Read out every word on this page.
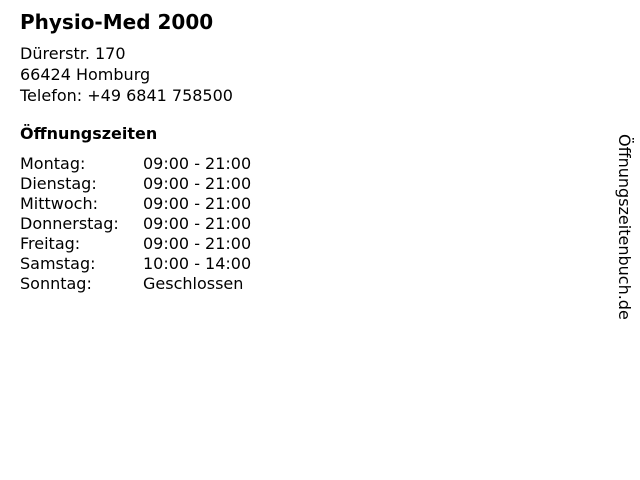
Physio-Med 2000
Dürerstr. 170
66424 Homburg
Telefon: +49 6841 758500
Öffnungszeiten
Montag:	09:00 - 21:00
Dienstag:	09:00 - 21:00
Mittwoch:	09:00 - 21:00
Donnerstag:	09:00 - 21:00
Freitag:	09:00 - 21:00
Samstag:	10:00 - 14:00
Sonntag:	Geschlossen	Öffnungszeitenbuch.de
